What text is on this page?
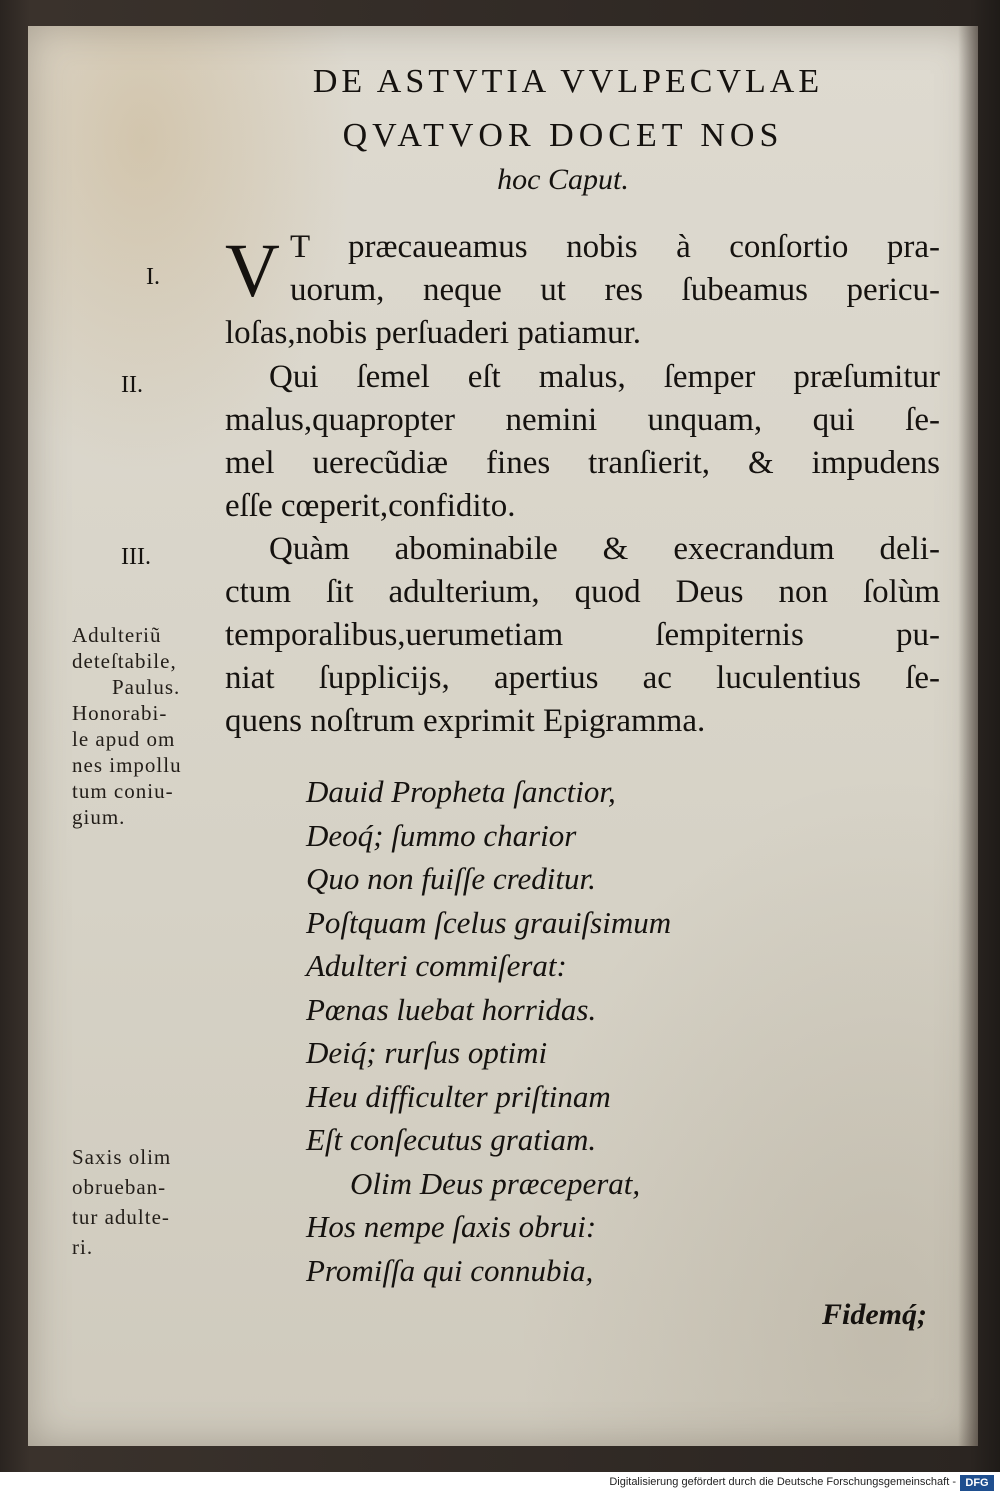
DE ASTVTIA VVLPECVLAE
QVATVOR DOCET NOS
hoc Caput.
I.
II.
III.
V T præcaueamus nobis à conſortio pra-
uorum, neque ut res ſubeamus pericu-
loſas,nobis perſuaderi patiamur.
Qui ſemel eſt malus, ſemper præſumitur
malus,quapropter nemini unquam, qui ſe-
mel uerecũdiæ fines tranſierit, & impudens
eſſe cœperit,confidito.
Quàm abominabile & execrandum deli-
ctum ſit adulterium, quod Deus non ſolùm
temporalibus,uerumetiam ſempiternis pu-
niat ſupplicijs, apertius ac luculentius ſe-
quens noſtrum exprimit Epigramma.
Adulteriũ
deteſtabile,
Paulus.
Honorabi-
le apud om
nes impollu
tum coniu-
gium.
Saxis olim
obrueban-
tur adulte-
ri.
Dauid Propheta ſanctior,
Deoq́; ſummo charior
Quo non fuiſſe creditur.
Poſtquam ſcelus grauiſsimum
Adulteri commiſerat:
Pœnas luebat horridas.
Deiq́; rurſus optimi
Heu difficulter priſtinam
Eſt conſecutus gratiam.
Olim Deus præceperat,
Hos nempe ſaxis obrui:
Promiſſa qui connubia,
Fidemq́;
Digitalisierung gefördert durch die Deutsche Forschungsgemeinschaft - DFG
